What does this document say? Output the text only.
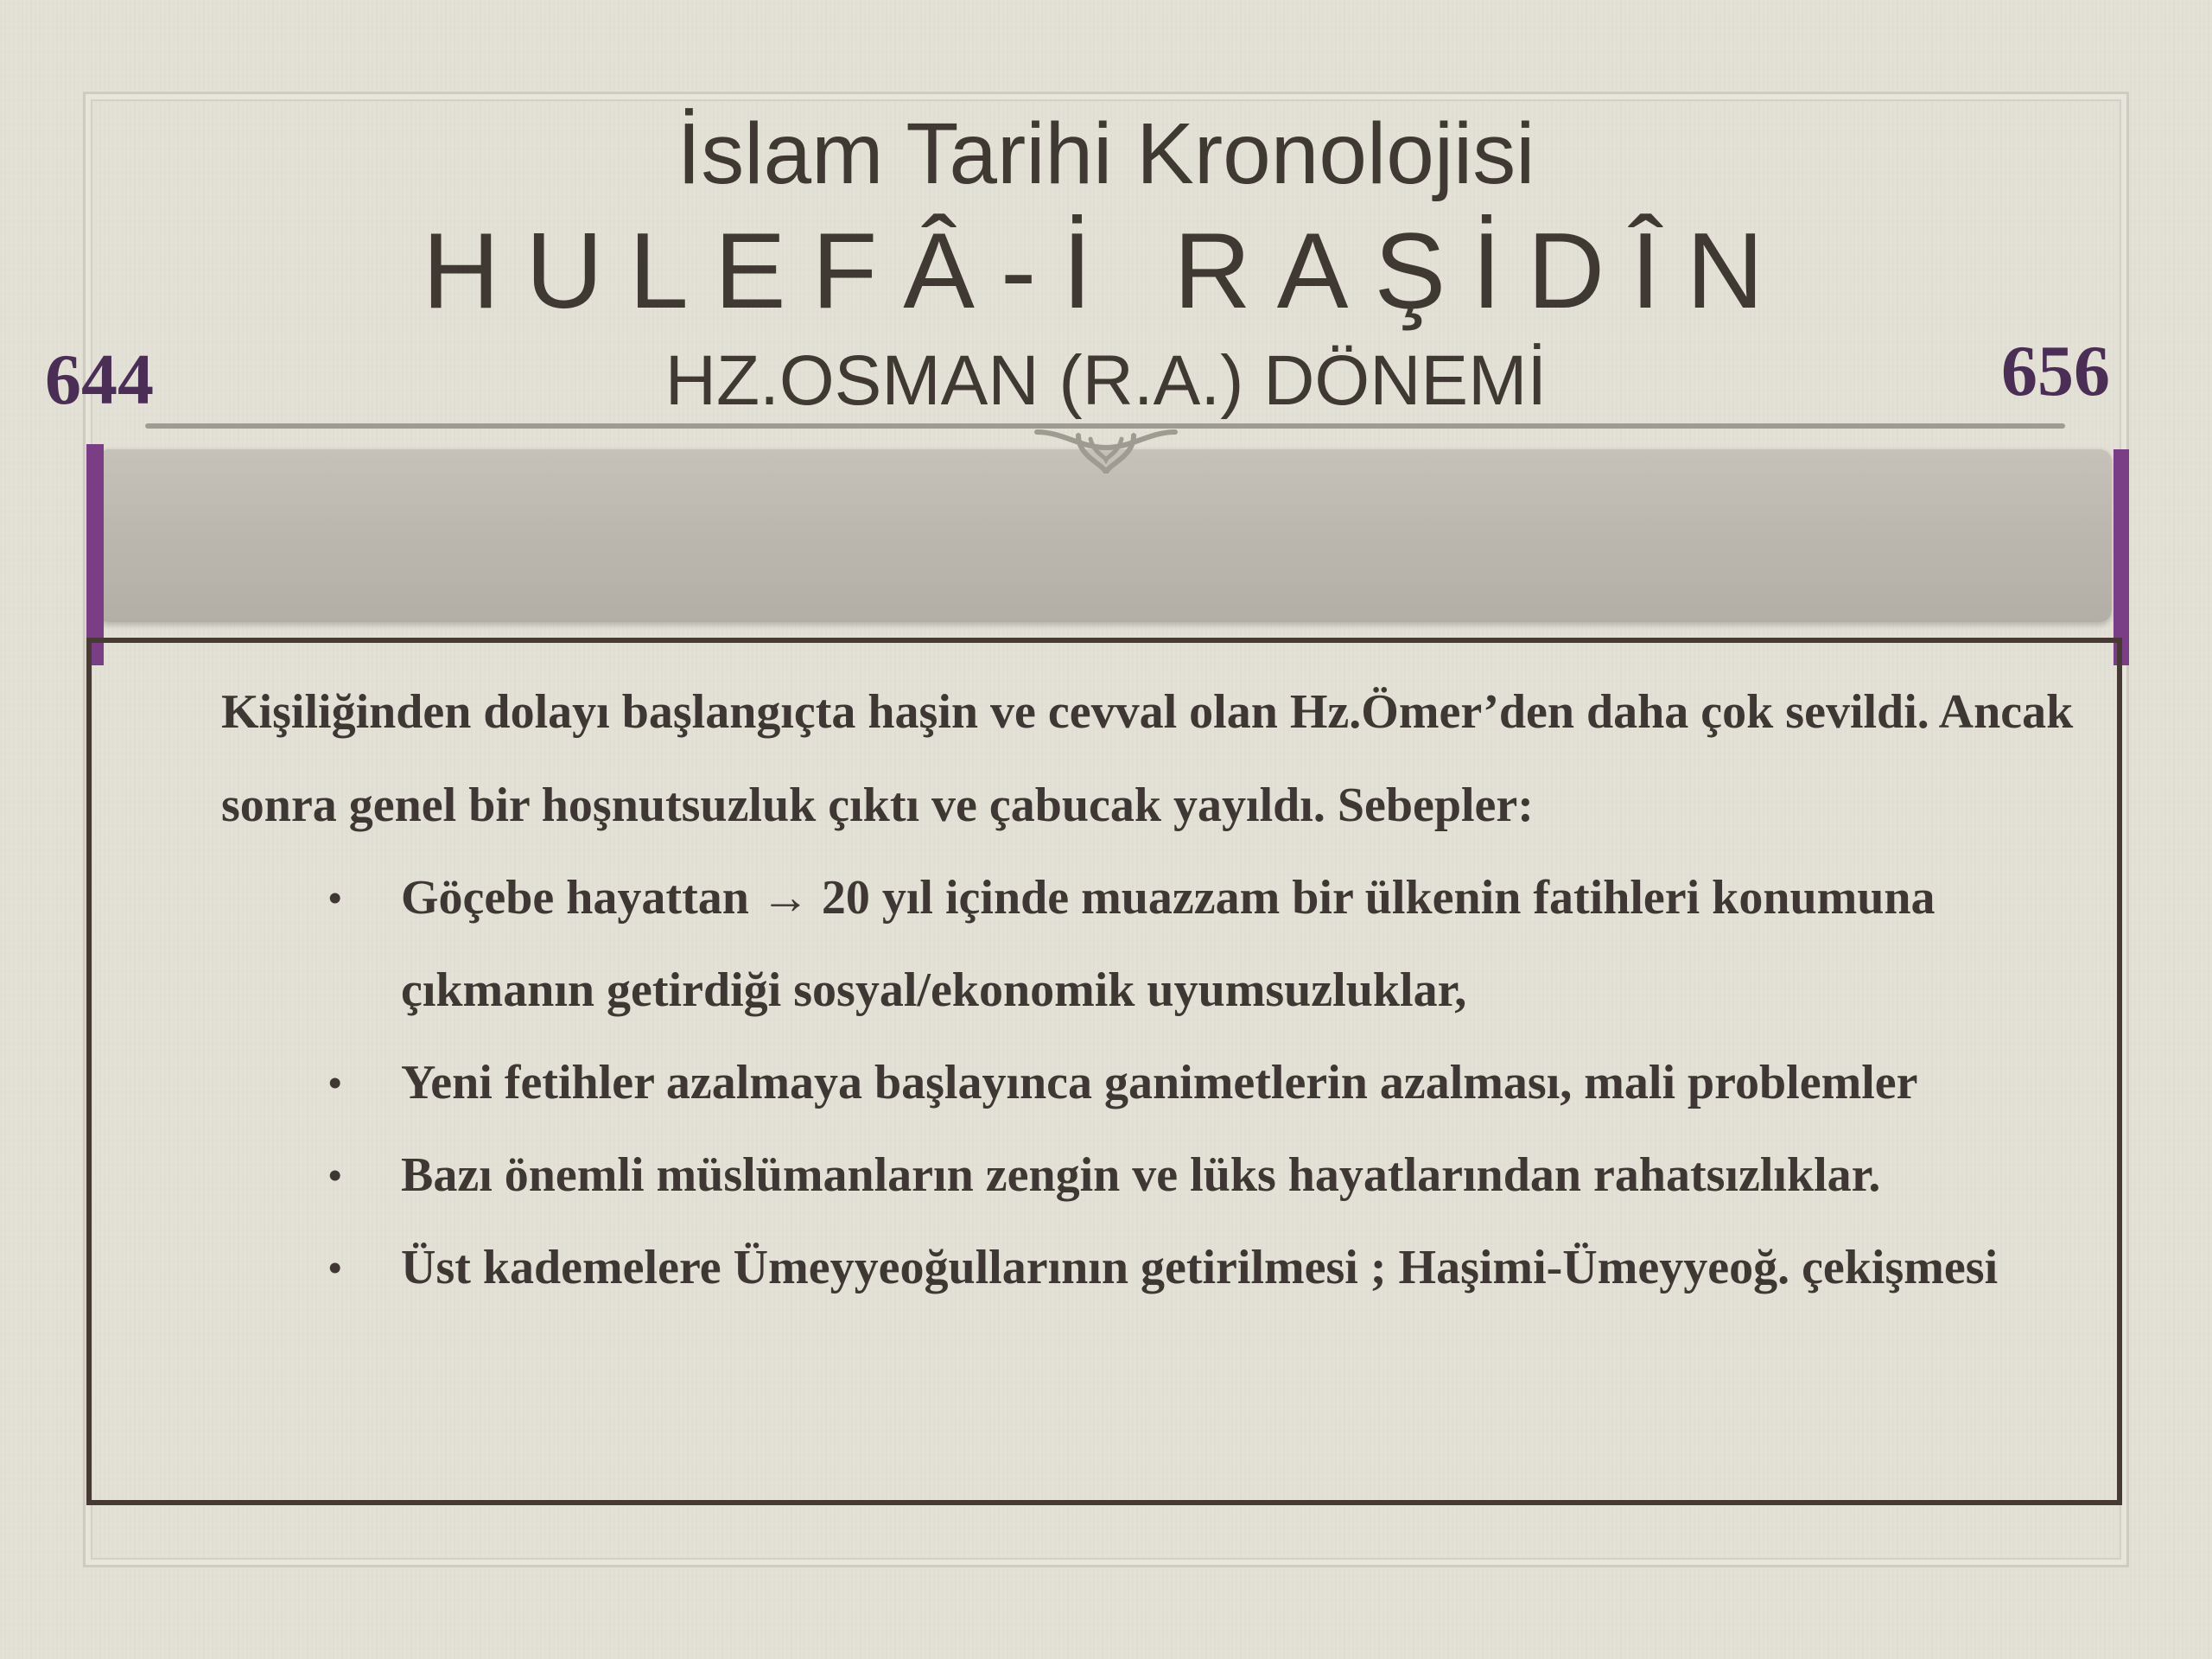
İslam Tarihi Kronolojisi
HULEFÂ-İ RAŞİDÎN
HZ.OSMAN (R.A.) DÖNEMİ
644	656

Kişiliğinden dolayı başlangıçta haşin ve cevval olan Hz.Ömer’den daha çok sevildi. Ancak sonra genel bir hoşnutsuzluk çıktı ve çabucak yayıldı. Sebepler:

• Göçebe hayattan → 20 yıl içinde muazzam bir ülkenin fatihleri konumuna çıkmanın getirdiği sosyal/ekonomik uyumsuzluklar,
• Yeni fetihler azalmaya başlayınca ganimetlerin azalması, mali problemler
• Bazı önemli müslümanların zengin ve lüks hayatlarından rahatsızlıklar.
• Üst kademelere Ümeyyeoğullarının getirilmesi ; Haşimi-Ümeyyeoğ. çekişmesi
